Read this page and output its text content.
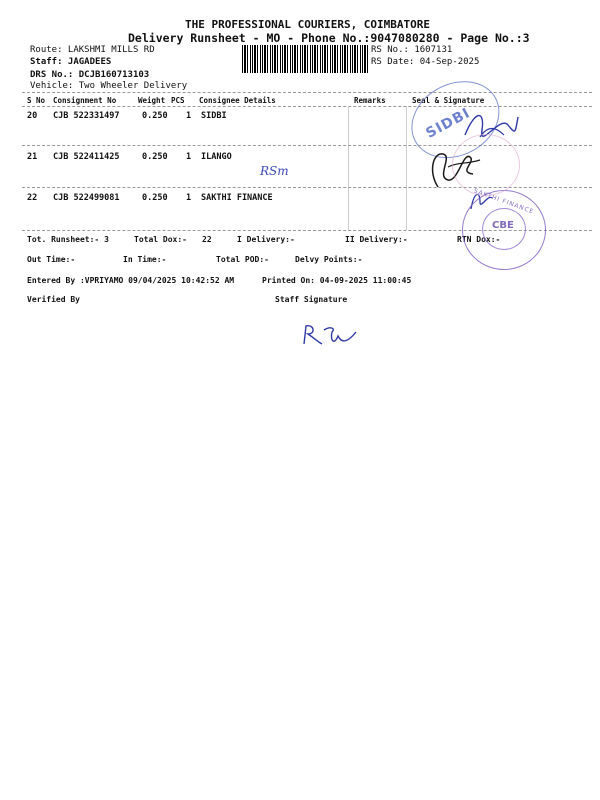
THE PROFESSIONAL COURIERS, COIMBATORE
Delivery Runsheet - MO - Phone No.:9047080280 - Page No.:3
Route: LAKSHMI MILLS RD
Staff: JAGADEES
DRS No.: DCJB160713103
Vehicle: Two Wheeler Delivery
RS No.: 1607131
RS Date: 04-Sep-2025
S No Consignment No	Weight PCS Consignee Details	Remarks	Seal & Signature
20 CJB 522331497	0.250 1 SIDBI
21 CJB 522411425	0.250 1 ILANGO
22 CJB 522499081	0.250 1 SAKTHI FINANCE
Tot. Runsheet:- 3	Total Dox:- 22	I Delivery:-	II Delivery:-	RTN Dox:-
Out Time:-	In Time:-	Total POD:-	Delvy Points:-
Entered By :VPRIYAMO 09/04/2025 10:42:52 AM	Printed On: 04-09-2025 11:00:45
Verified By	Staff Signature
SIDBI
RSm
SAKTHI FINANCE
CBE
